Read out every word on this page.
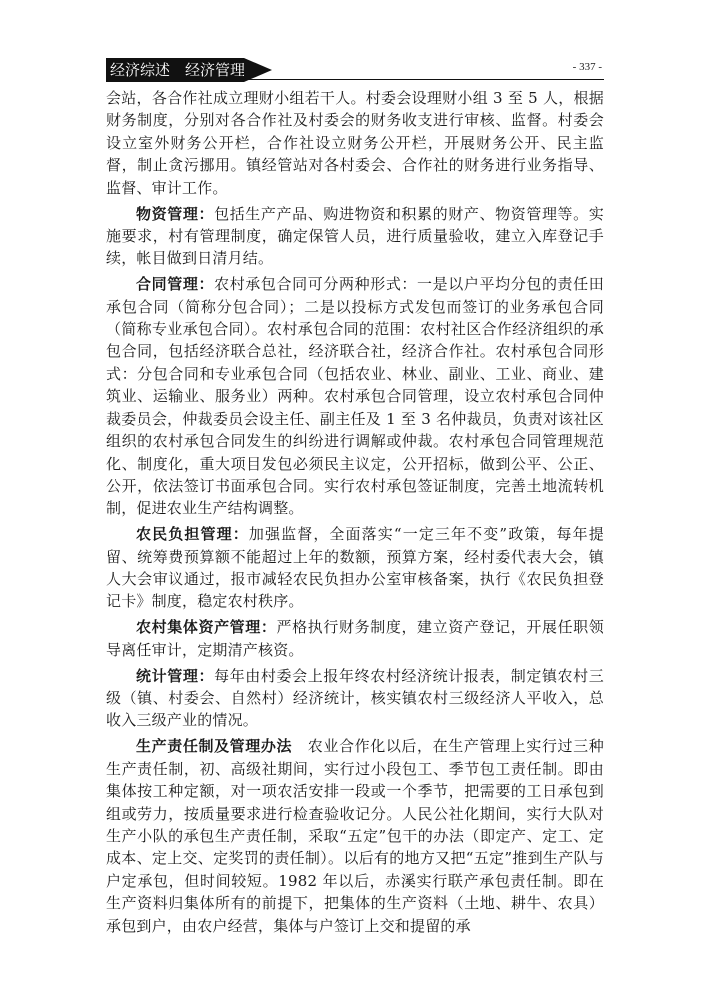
经济综述　经济管理	- 337 -

会站，各合作社成立理财小组若干人。村委会设理财小组 3 至 5 人，根据财务制度，分别对各合作社及村委会的财务收支进行审核、监督。村委会设立室外财务公开栏，合作社设立财务公开栏，开展财务公开、民主监督，制止贪污挪用。镇经管站对各村委会、合作社的财务进行业务指导、监督、审计工作。

物资管理：包括生产产品、购进物资和积累的财产、物资管理等。实施要求，村有管理制度，确定保管人员，进行质量验收，建立入库登记手续，帐目做到日清月结。

合同管理：农村承包合同可分两种形式：一是以户平均分包的责任田承包合同（简称分包合同）；二是以投标方式发包而签订的业务承包合同（简称专业承包合同）。农村承包合同的范围：农村社区合作经济组织的承包合同，包括经济联合总社，经济联合社，经济合作社。农村承包合同形式：分包合同和专业承包合同（包括农业、林业、副业、工业、商业、建筑业、运输业、服务业）两种。农村承包合同管理，设立农村承包合同仲裁委员会，仲裁委员会设主任、副主任及 1 至 3 名仲裁员，负责对该社区组织的农村承包合同发生的纠纷进行调解或仲裁。农村承包合同管理规范化、制度化，重大项目发包必须民主议定，公开招标，做到公平、公正、公开，依法签订书面承包合同。实行农村承包签证制度，完善土地流转机制，促进农业生产结构调整。

农民负担管理：加强监督，全面落实“一定三年不变”政策，每年提留、统筹费预算额不能超过上年的数额，预算方案，经村委代表大会，镇人大会审议通过，报市减轻农民负担办公室审核备案，执行《农民负担登记卡》制度，稳定农村秩序。

农村集体资产管理：严格执行财务制度，建立资产登记，开展任职领导离任审计，定期清产核资。

统计管理：每年由村委会上报年终农村经济统计报表，制定镇农村三级（镇、村委会、自然村）经济统计，核实镇农村三级经济人平收入，总收入三级产业的情况。

生产责任制及管理办法　农业合作化以后，在生产管理上实行过三种生产责任制，初、高级社期间，实行过小段包工、季节包工责任制。即由集体按工种定额，对一项农活安排一段或一个季节，把需要的工日承包到组或劳力，按质量要求进行检查验收记分。人民公社化期间，实行大队对生产小队的承包生产责任制，采取“五定”包干的办法（即定产、定工、定成本、定上交、定奖罚的责任制）。以后有的地方又把“五定”推到生产队与户定承包，但时间较短。1982 年以后，赤溪实行联产承包责任制。即在生产资料归集体所有的前提下，把集体的生产资料（土地、耕牛、农具）承包到户，由农户经营，集体与户签订上交和提留的承
